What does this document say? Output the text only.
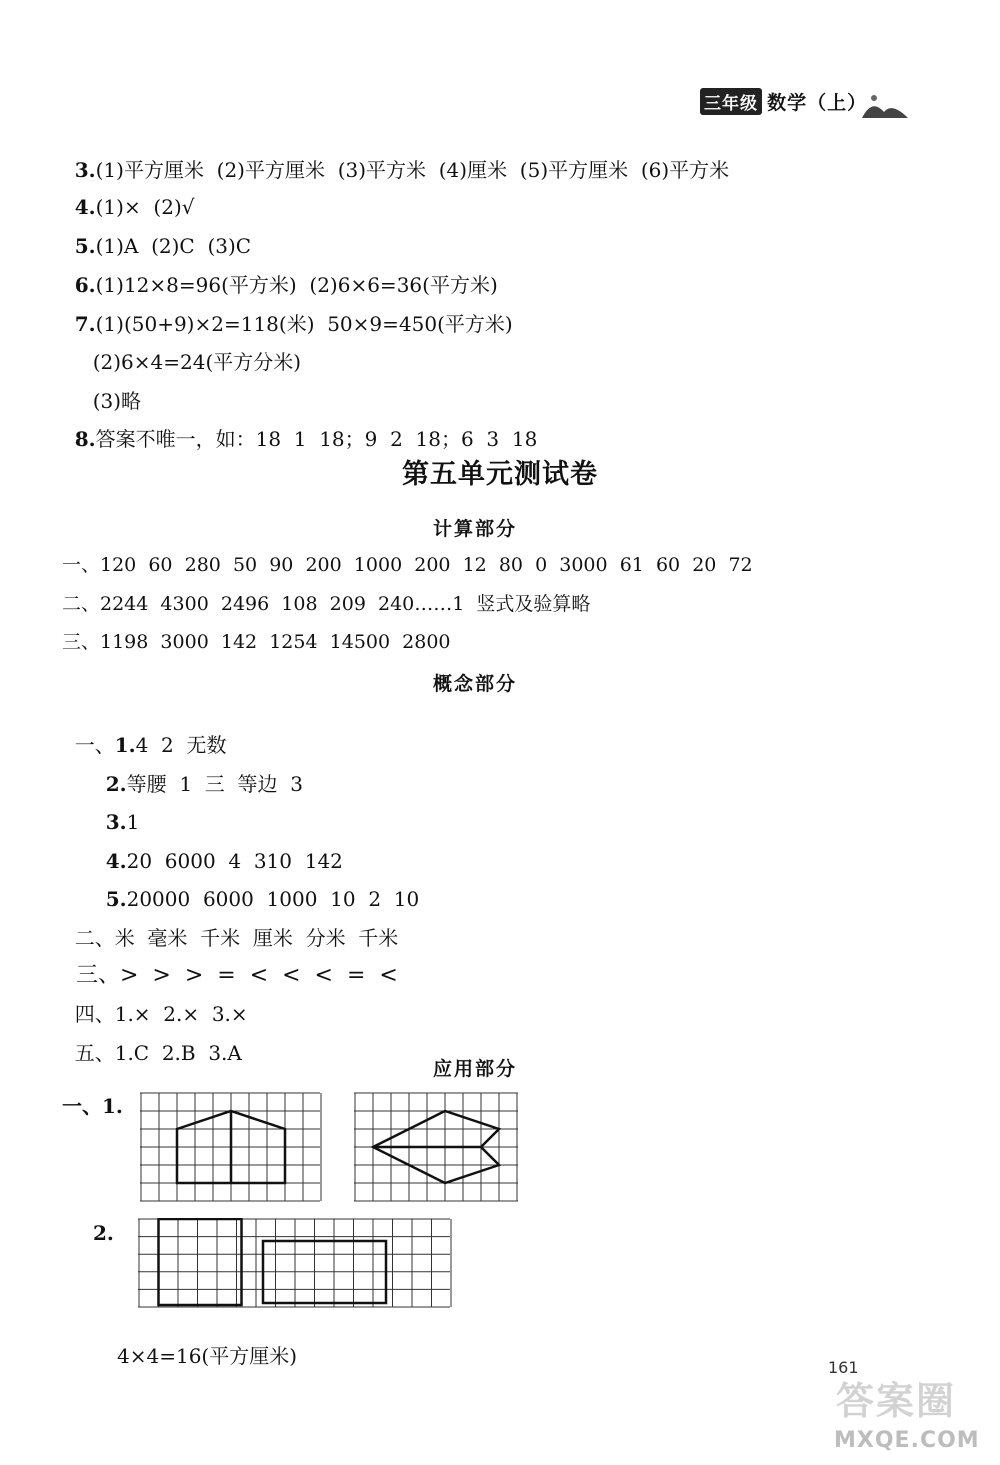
三年级 数学（上）

3.(1)平方厘米  (2)平方厘米  (3)平方米  (4)厘米  (5)平方厘米  (6)平方米

4.(1)×  (2)√

5.(1)A  (2)C  (3)C

6.(1)12×8=96(平方米)  (2)6×6=36(平方米)

7.(1)(50+9)×2=118(米)  50×9=450(平方米)

(2)6×4=24(平方分米)

(3)略

8.答案不唯一，如：18  1  18；9  2  18；6  3  18

第五单元测试卷
计算部分
一、120  60  280  50  90  200  1000  200  12  80  0  3000  61  60  20  72
二、2244  4300  2496  108  209  240……1  竖式及验算略
三、1198  3000  142  1254  14500  2800
概念部分

一、1.4  2  无数

2.等腰  1  三  等边  3

3.1

4.20  6000  4  310  142

5.20000  6000  1000  10  2  10

二、米  毫米  千米  厘米  分米  千米

三、>  >  >  =  <  <  <  =  <

四、1.×  2.×  3.×

五、1.C  2.B  3.A

应用部分
一、1.
2.
4×4=16(平方厘米)	161
答案圈
MXQE.COM
